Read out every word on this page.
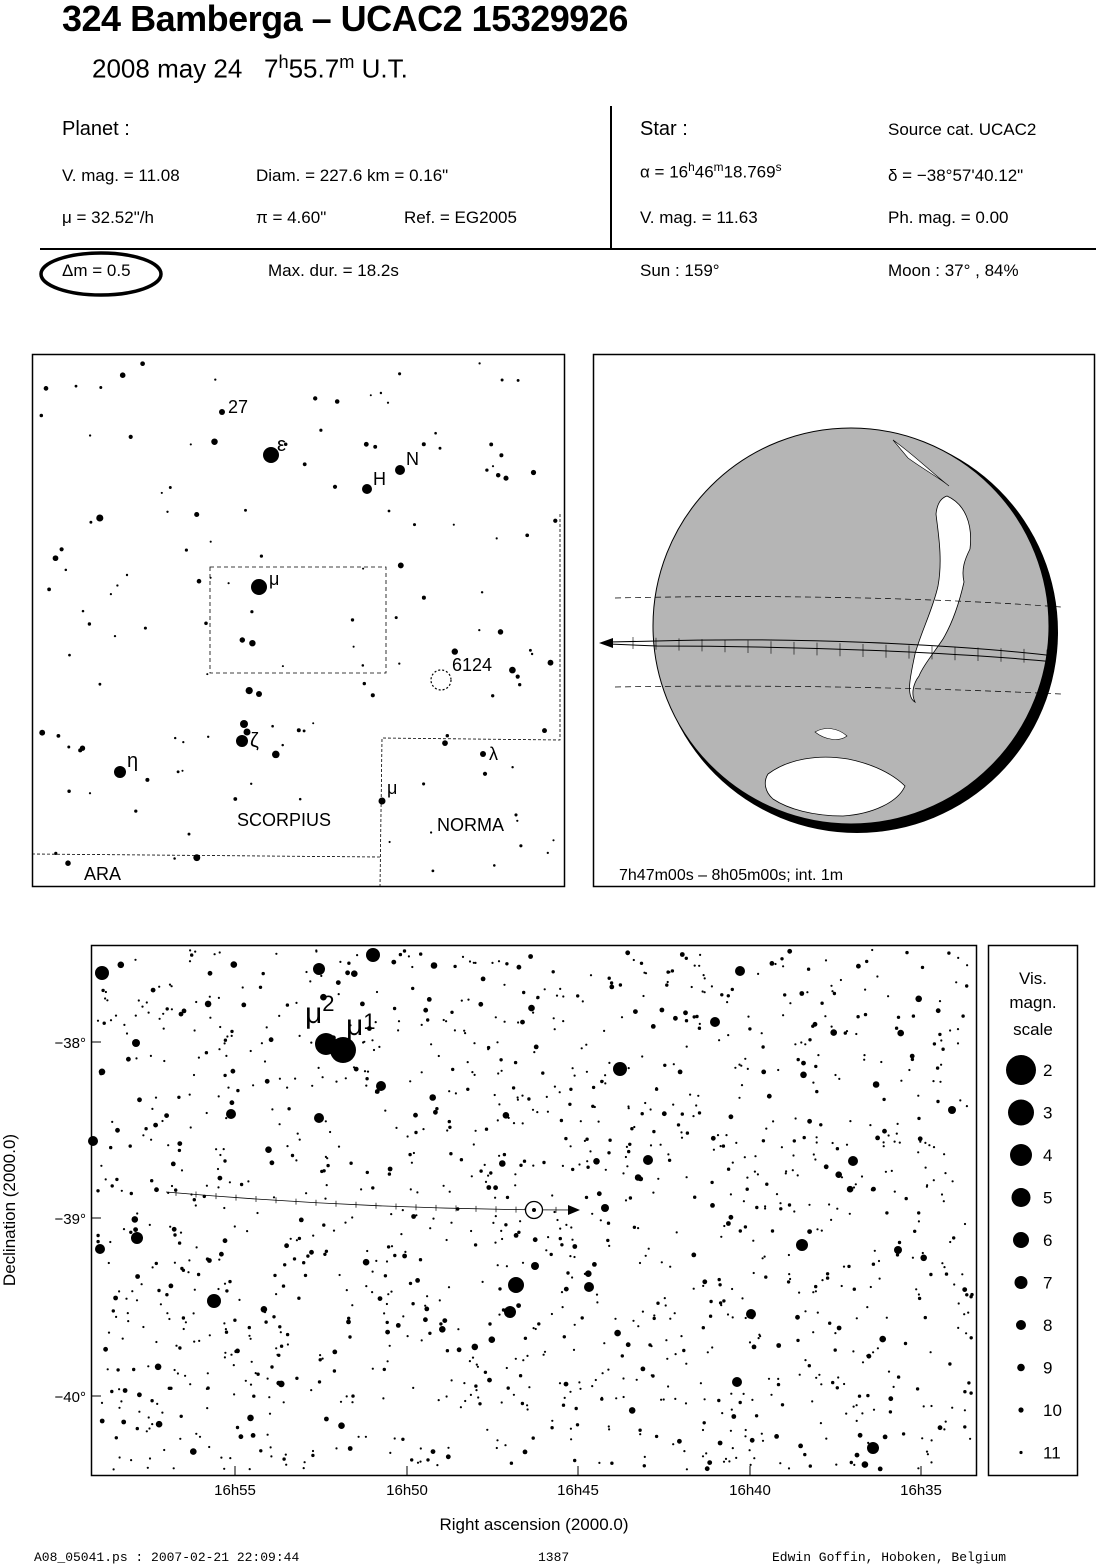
324 Bamberga – UCAC2 15329926
2008 may 24 7$^h$55.7$^m$ U.T.
Planet :
V. mag. = 11.08	Diam. = 227.6 km = 0.16"
μ = 32.52"/h	π = 4.60"	Ref. = EG2005
Star :	Source cat. UCAC2
$\alpha = 16^h46^m18.769^s$	δ = −38°57'40.12"
V. mag. = 11.63	Ph. mag. = 0.00
Δm = 0.5	Max. dur. = 18.2s	Sun : 159°	Moon : 37° , 84%
27
ε
H
N
μ
6124
ζ
η	λ
μ
SCORPIUS	NORMA
ARA	7h47m00s – 8h05m00s; int. 1m
$\mu^2$
$\mu^1$
−38°
−39°
−40°
16h55	16h50	16h45	16h40	16h35
Right ascension (2000.0)
Declination (2000.0)
Vis.
magn.
scale
2
3
4
5
6
7
8
9
10
11
A08_05041.ps : 2007-02-21 22:09:44	1387	Edwin Goffin, Hoboken, Belgium
